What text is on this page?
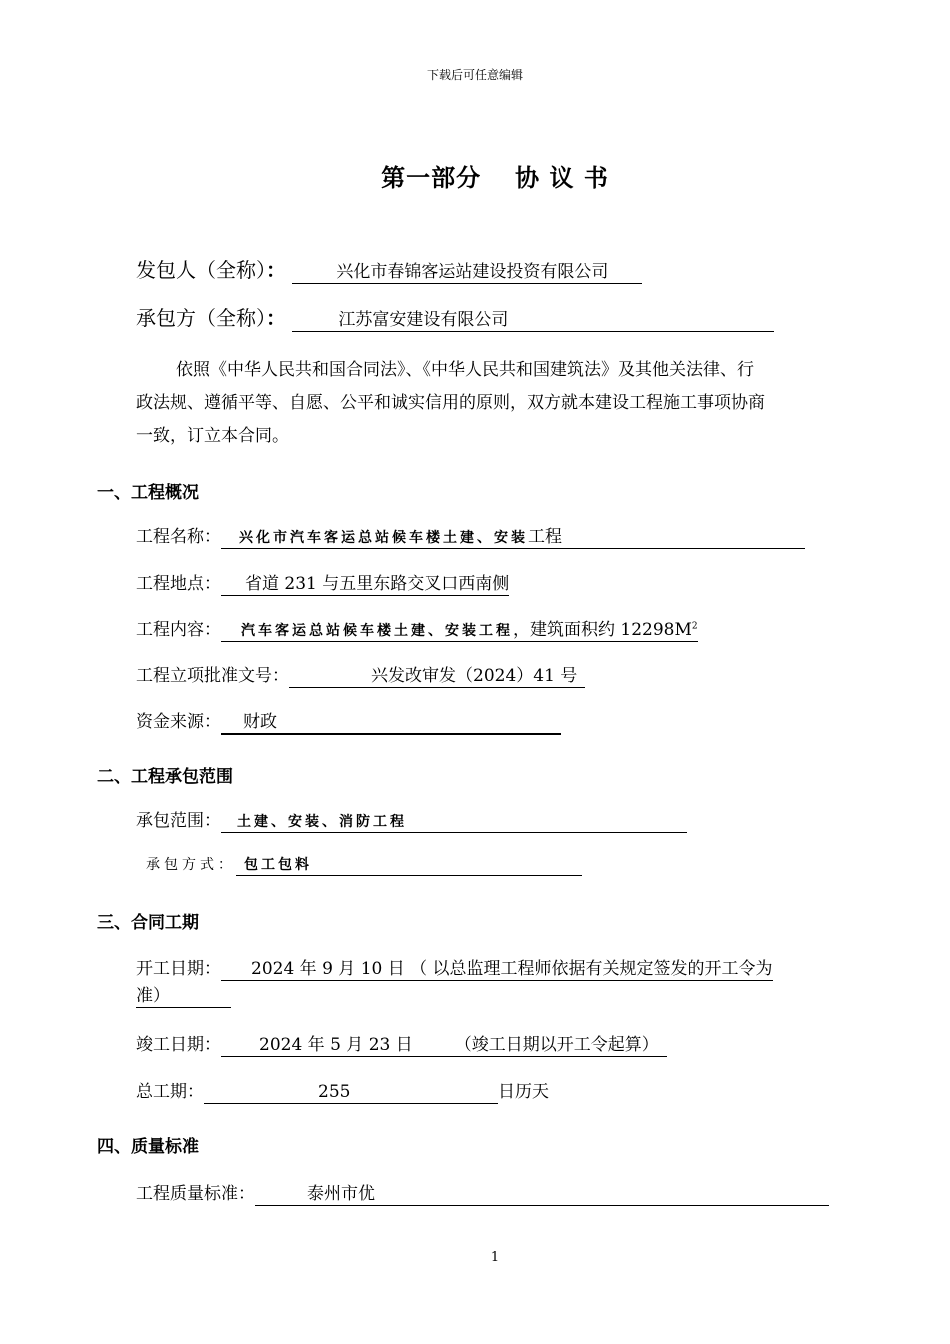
下载后可任意编辑
第一部分 协 议 书
发包人（全称）：	兴化市春锦客运站建设投资有限公司
承包方（全称）：	江苏富安建设有限公司
依照《中华人民共和国合同法》、《中华人民共和国建筑法》及其他关法律、行
政法规、遵循平等、自愿、公平和诚实信用的原则，双方就本建设工程施工事项协商
一致，订立本合同。
一、工程概况
工程名称： 兴化市汽车客运总站候车楼土建、安装工程
工程地点： 省道 231 与五里东路交叉口西南侧
工程内容： 汽车客运总站候车楼土建、安装工程，建筑面积约 $12298M^2$
工程立项批准文号：	兴发改审发（2024）41 号
资金来源： 财政
二、工程承包范围
承包范围： 土建、安装、消防工程
承包方式： 包工包料
三、合同工期
开工日期： 2024 年 9 月 10 日 （ 以总监理工程师依据有关规定签发的开工令为
准）
竣工日期： 2024 年 5 月 23 日 （竣工日期以开工令起算）
总工期：	255	日历天
四、质量标准
工程质量标准：	泰州市优
1
